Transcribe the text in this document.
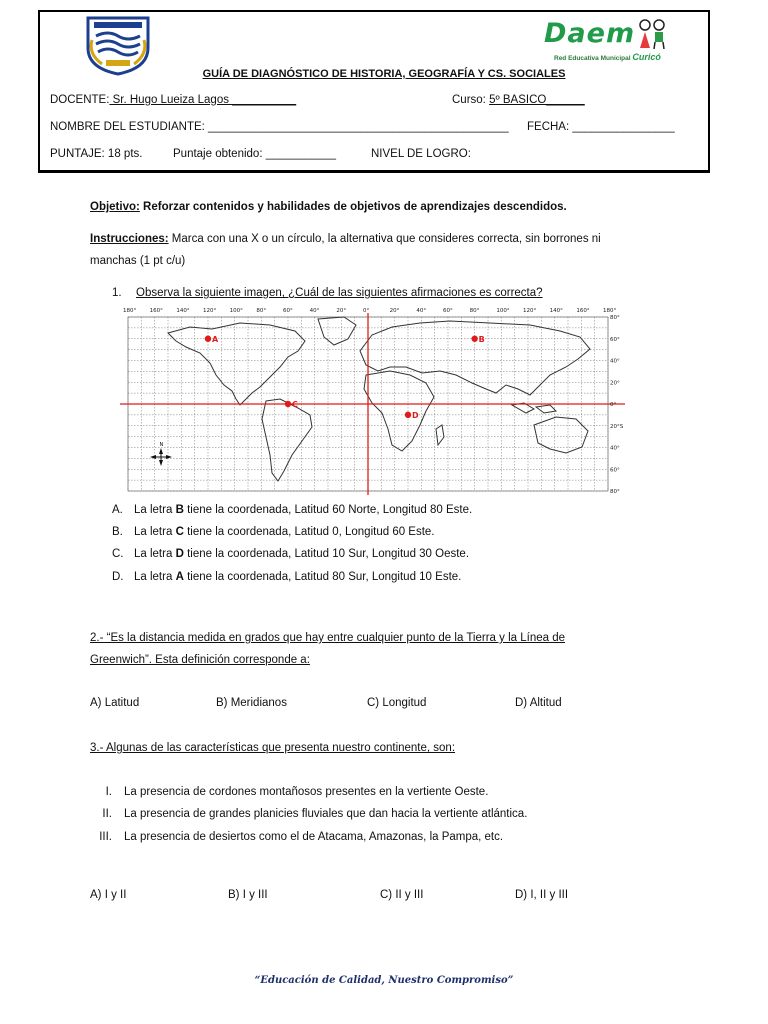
Daem
Red Educativa Municipal Curicó
GUÍA DE DIAGNÓSTICO DE HISTORIA, GEOGRAFÍA Y CS. SOCIALES
DOCENTE: Sr. Hugo Lueiza Lagos __________	Curso: 5º BASICO______
NOMBRE DEL ESTUDIANTE: _______________________________________________ FECHA: ________________
PUNTAJE: 18 pts.	Puntaje obtenido: ___________	NIVEL DE LOGRO:
Objetivo: Reforzar contenidos y habilidades de objetivos de aprendizajes descendidos.
Instrucciones: Marca con una X o un círculo, la alternativa que consideres correcta, sin borrones ni
manchas (1 pt c/u)
1. Observa la siguiente imagen, ¿Cuál de las siguientes afirmaciones es correcta?
A	B
C
D
180° 160° 140° 120° 100° 80°	60°	40°	20°	0°	20°	40°	60°	80°	100° 120° 140° 160° 180°
80°
60°
40°
20°
0°
20°S
40°
60°
80°
N
A. La letra B tiene la coordenada, Latitud 60 Norte, Longitud 80 Este.
B. La letra C tiene la coordenada, Latitud 0, Longitud 60 Este.
C. La letra D tiene la coordenada, Latitud 10 Sur, Longitud 30 Oeste.
D. La letra A tiene la coordenada, Latitud 80 Sur, Longitud 10 Este.
2.- “Es la distancia medida en grados que hay entre cualquier punto de la Tierra y la Línea de
Greenwich”. Esta definición corresponde a:
A) Latitud	B) Meridianos	C) Longitud	D) Altitud
3.- Algunas de las características que presenta nuestro continente, son:
I. La presencia de cordones montañosos presentes en la vertiente Oeste.
II. La presencia de grandes planicies fluviales que dan hacia la vertiente atlántica.
III. La presencia de desiertos como el de Atacama, Amazonas, la Pampa, etc.
A) I y II	B) I y III	C) II y III	D) I, II y III
“Educación de Calidad, Nuestro Compromiso”
